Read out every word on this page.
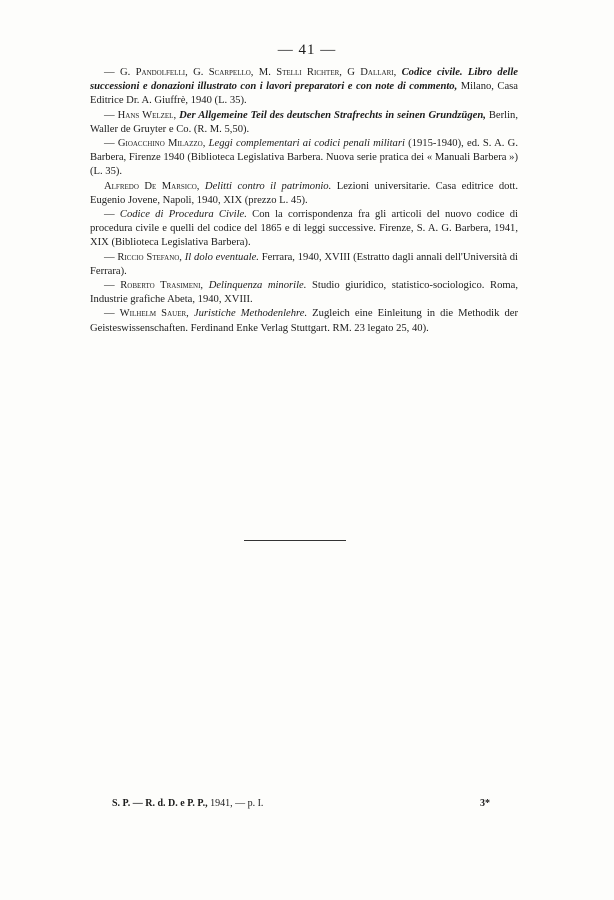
— 41 —

— G. Pandolfelli, G. Scarpello, M. Stelli Richter, G Dallari, Codice civile. Libro delle successioni e donazioni illustrato con i lavori preparatori e con note di commento, Milano, Casa Editrice Dr. A. Giuffrè, 1940 (L. 35).

— Hans Welzel, Der Allgemeine Teil des deutschen Strafrechts in seinen Grundzügen, Berlin, Waller de Gruyter e Co. (R. M. 5,50).

— Gioacchino Milazzo, Leggi complementari ai codici penali militari (1915-1940), ed. S. A. G. Barbera, Firenze 1940 (Biblioteca Legislativa Barbera. Nuova serie pratica dei « Manuali Barbera ») (L. 35).

Alfredo De Marsico, Delitti contro il patrimonio. Lezioni universitarie. Casa editrice dott. Eugenio Jovene, Napoli, 1940, XIX (prezzo L. 45).

— Codice di Procedura Civile. Con la corrispondenza fra gli articoli del nuovo codice di procedura civile e quelli del codice del 1865 e di leggi successive. Firenze, S. A. G. Barbera, 1941, XIX (Biblioteca Legislativa Barbera).

— Riccio Stefano, Il dolo eventuale. Ferrara, 1940, XVIII (Estratto dagli annali dell'Università di Ferrara).

— Roberto Trasimeni, Delinquenza minorile. Studio giuridico, statistico-sociologico. Roma, Industrie grafiche Abeta, 1940, XVIII.

— Wilhelm Sauer, Juristiche Methodenlehre. Zugleich eine Einleitung in die Methodik der Geisteswissenschaften. Ferdinand Enke Verlag Stuttgart. RM. 23 legato 25, 40).

S. P. — R. d. D. e P. P., 1941, — p. I.	3*
